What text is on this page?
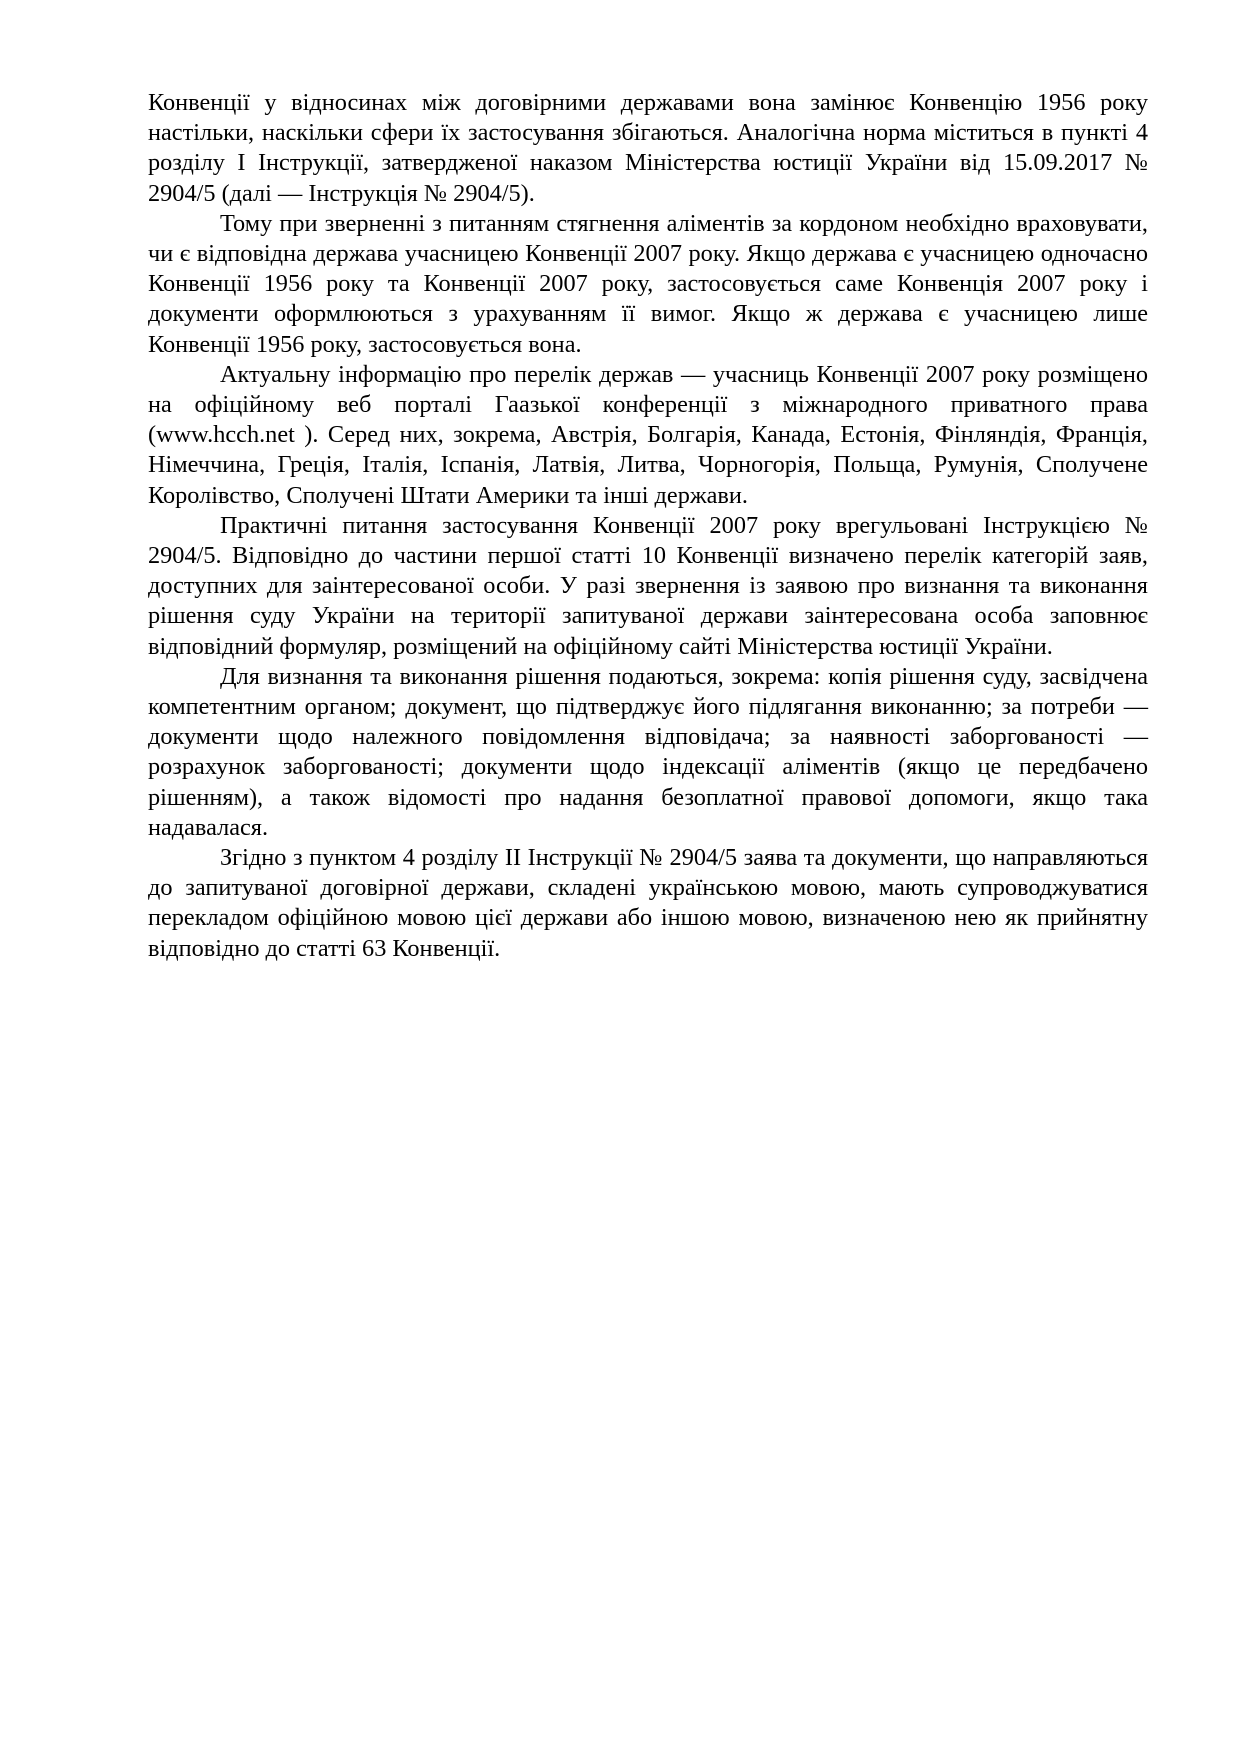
Конвенції у відносинах між договірними державами вона замінює Конвенцію 1956 року настільки, наскільки сфери їх застосування збігаються. Аналогічна норма міститься в пункті 4 розділу I Інструкції, затвердженої наказом Міністерства юстиції України від 15.09.2017 № 2904/5 (далі — Інструкція № 2904/5).

Тому при зверненні з питанням стягнення аліментів за кордоном необхідно враховувати, чи є відповідна держава учасницею Конвенції 2007 року. Якщо держава є учасницею одночасно Конвенції 1956 року та Конвенції 2007 року, застосовується саме Конвенція 2007 року і документи оформлюються з урахуванням її вимог. Якщо ж держава є учасницею лише Конвенції 1956 року, застосовується вона.

Актуальну інформацію про перелік держав — учасниць Конвенції 2007 року розміщено на офіційному веб порталі Гаазької конференції з міжнародного приватного права (www.hcch.net ). Серед них, зокрема, Австрія, Болгарія, Канада, Естонія, Фінляндія, Франція, Німеччина, Греція, Італія, Іспанія, Латвія, Литва, Чорногорія, Польща, Румунія, Сполучене Королівство, Сполучені Штати Америки та інші держави.

Практичні питання застосування Конвенції 2007 року врегульовані Інструкцією № 2904/5. Відповідно до частини першої статті 10 Конвенції визначено перелік категорій заяв, доступних для заінтересованої особи. У разі звернення із заявою про визнання та виконання рішення суду України на території запитуваної держави заінтересована особа заповнює відповідний формуляр, розміщений на офіційному сайті Міністерства юстиції України.

Для визнання та виконання рішення подаються, зокрема: копія рішення суду, засвідчена компетентним органом; документ, що підтверджує його підлягання виконанню; за потреби — документи щодо належного повідомлення відповідача; за наявності заборгованості — розрахунок заборгованості; документи щодо індексації аліментів (якщо це передбачено рішенням), а також відомості про надання безоплатної правової допомоги, якщо така надавалася.

Згідно з пунктом 4 розділу II Інструкції № 2904/5 заява та документи, що направляються до запитуваної договірної держави, складені українською мовою, мають супроводжуватися перекладом офіційною мовою цієї держави або іншою мовою, визначеною нею як прийнятну відповідно до статті 63 Конвенції.
